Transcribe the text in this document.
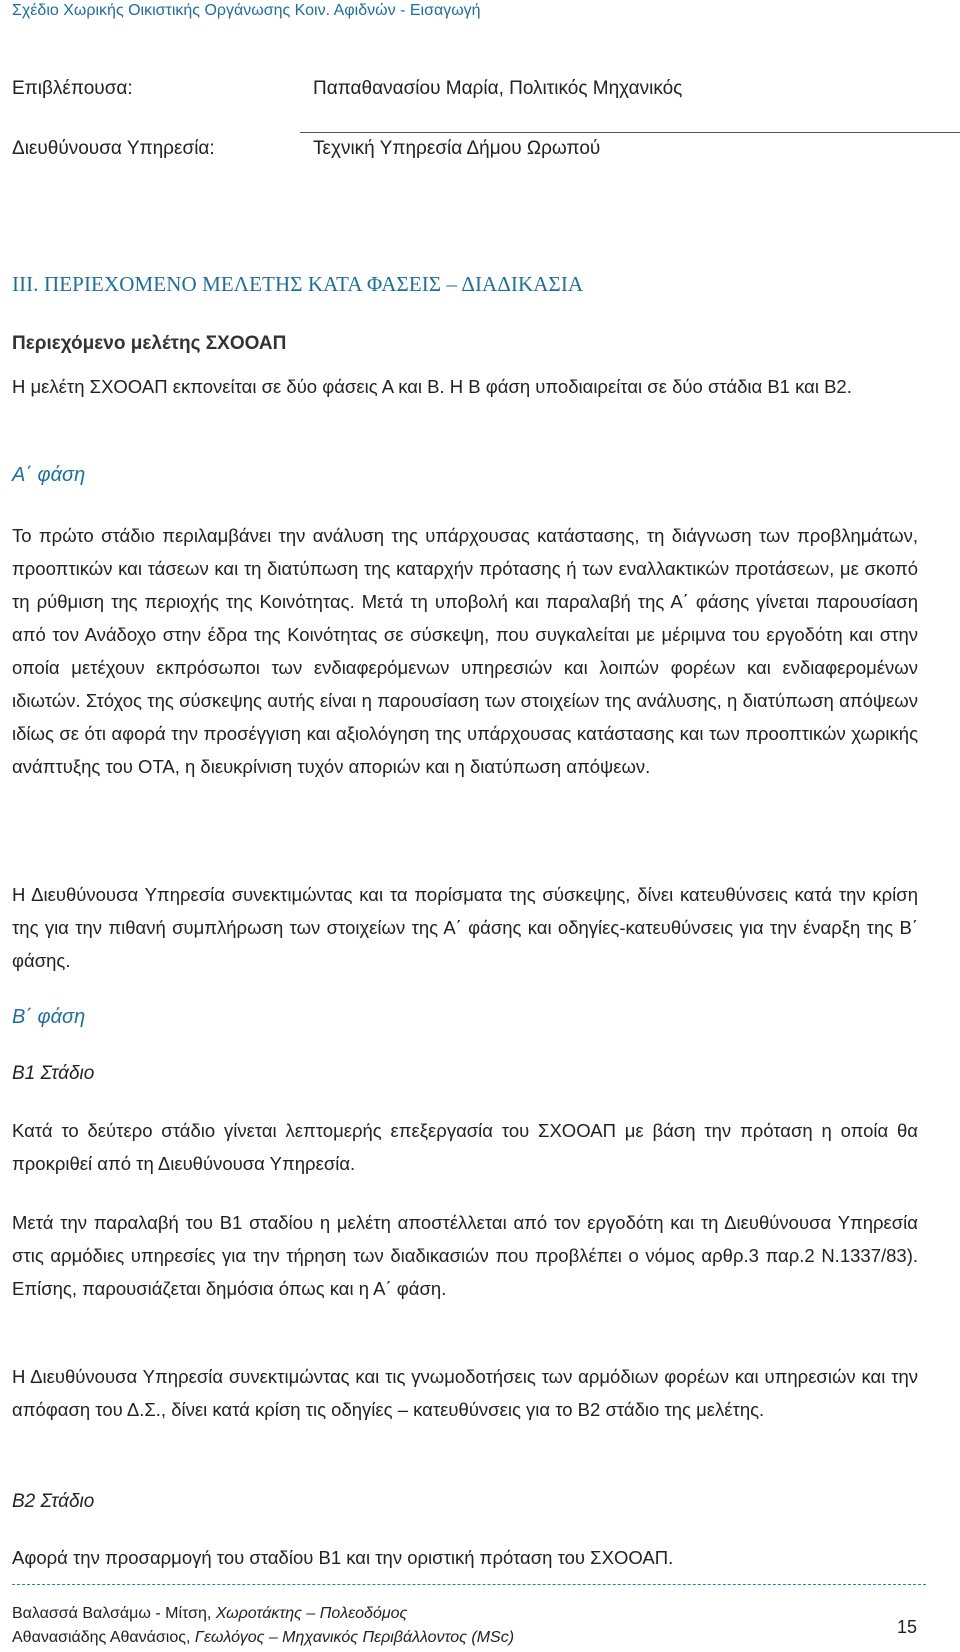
Σχέδιο Χωρικής Οικιστικής Οργάνωσης Κοιν. Αφιδνών - Εισαγωγή
Επιβλέπουσα:	Παπαθανασίου Μαρία, Πολιτικός Μηχανικός
Διευθύνουσα Υπηρεσία:	Τεχνική Υπηρεσία Δήμου Ωρωπού
III. ΠΕΡΙΕΧΟΜΕΝΟ ΜΕΛΕΤΗΣ ΚΑΤΑ ΦΑΣΕΙΣ – ΔΙΑΔΙΚΑΣΙΑ
Περιεχόμενο μελέτης ΣΧΟΟΑΠ

Η μελέτη ΣΧΟΟΑΠ εκπονείται σε δύο φάσεις Α και Β. Η Β φάση υποδιαιρείται σε δύο στάδια Β1 και Β2.

Α΄ φάση

Το πρώτο στάδιο περιλαμβάνει την ανάλυση της υπάρχουσας κατάστασης, τη διάγνωση των προβλημάτων, προοπτικών και τάσεων και τη διατύπωση της καταρχήν πρότασης ή των εναλλακτικών προτάσεων, με σκοπό τη ρύθμιση της περιοχής της Κοινότητας. Μετά τη υποβολή και παραλαβή της Α΄ φάσης γίνεται παρουσίαση από τον Ανάδοχο στην έδρα της Κοινότητας σε σύσκεψη, που συγκαλείται με μέριμνα του εργοδότη και στην οποία μετέχουν εκπρόσωποι των ενδιαφερόμενων υπηρεσιών και λοιπών φορέων και ενδιαφερομένων ιδιωτών. Στόχος της σύσκεψης αυτής είναι η παρουσίαση των στοιχείων της ανάλυσης, η διατύπωση απόψεων ιδίως σε ότι αφορά την προσέγγιση και αξιολόγηση της υπάρχουσας κατάστασης και των προοπτικών χωρικής ανάπτυξης του ΟΤΑ, η διευκρίνιση τυχόν αποριών και η διατύπωση απόψεων.

Η Διευθύνουσα Υπηρεσία συνεκτιμώντας και τα πορίσματα της σύσκεψης, δίνει κατευθύνσεις κατά την κρίση της για την πιθανή συμπλήρωση των στοιχείων της Α΄ φάσης και οδηγίες-κατευθύνσεις για την έναρξη της Β΄ φάσης.

Β΄ φάση
Β1 Στάδιο

Κατά το δεύτερο στάδιο γίνεται λεπτομερής επεξεργασία του ΣΧΟΟΑΠ με βάση την πρόταση η οποία θα προκριθεί από τη Διευθύνουσα Υπηρεσία.

Μετά την παραλαβή του Β1 σταδίου η μελέτη αποστέλλεται από τον εργοδότη και τη Διευθύνουσα Υπηρεσία στις αρμόδιες υπηρεσίες για την τήρηση των διαδικασιών που προβλέπει ο νόμος αρθρ.3 παρ.2 Ν.1337/83). Επίσης, παρουσιάζεται δημόσια όπως και η Α΄ φάση.

Η Διευθύνουσα Υπηρεσία συνεκτιμώντας και τις γνωμοδοτήσεις των αρμόδιων φορέων και υπηρεσιών και την απόφαση του Δ.Σ., δίνει κατά κρίση τις οδηγίες – κατευθύνσεις για το Β2 στάδιο της μελέτης.

Β2 Στάδιο

Αφορά την προσαρμογή του σταδίου Β1 και την οριστική πρόταση του ΣΧΟΟΑΠ.

Βαλασσά Βαλσάμω - Μίτση, Χωροτάκτης – Πολεοδόμος
Αθανασιάδης Αθανάσιος, Γεωλόγος – Μηχανικός Περιβάλλοντος (MSc)
15
